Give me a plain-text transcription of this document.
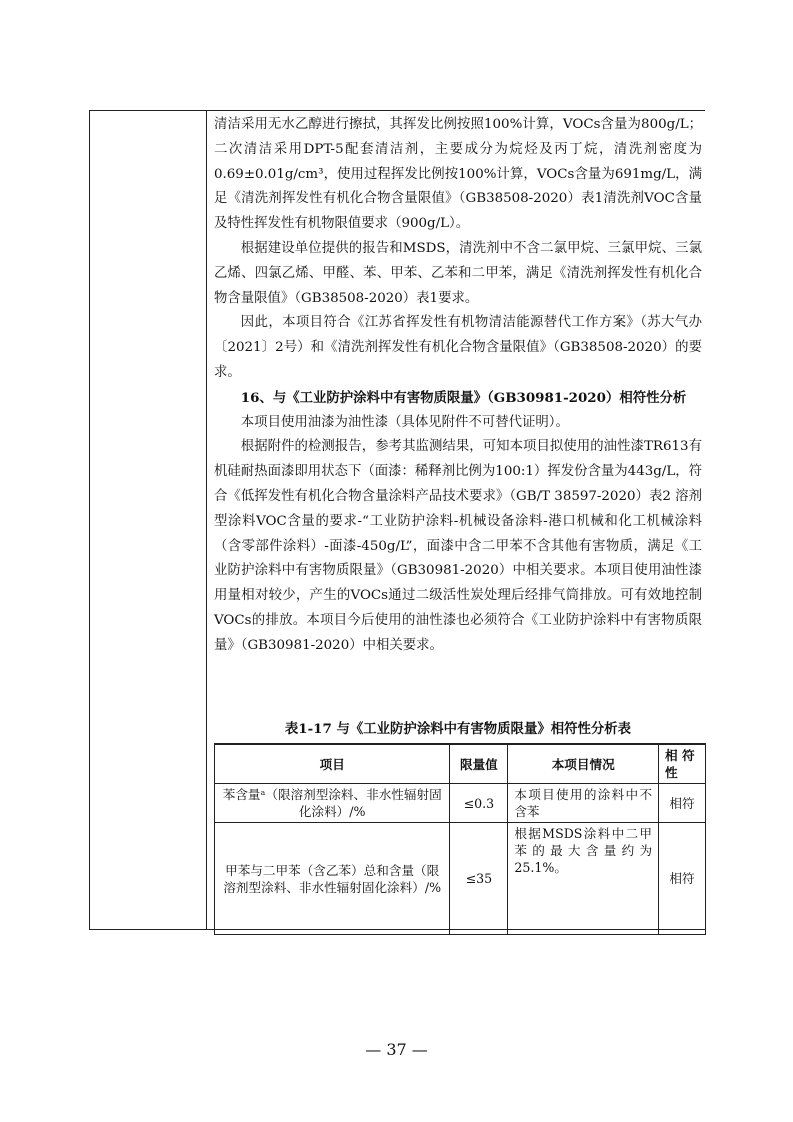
清洁采用无水乙醇进行擦拭，其挥发比例按照100%计算，VOCs含量为800g/L；二次清洁采用DPT-5配套清洁剂，主要成分为烷烃及丙丁烷，清洗剂密度为0.69±0.01g/cm³，使用过程挥发比例按100%计算，VOCs含量为691mg/L，满足《清洗剂挥发性有机化合物含量限值》（GB38508-2020）表1清洗剂VOC含量及特性挥发性有机物限值要求（900g/L）。

根据建设单位提供的报告和MSDS，清洗剂中不含二氯甲烷、三氯甲烷、三氯乙烯、四氯乙烯、甲醛、苯、甲苯、乙苯和二甲苯，满足《清洗剂挥发性有机化合物含量限值》（GB38508-2020）表1要求。

因此，本项目符合《江苏省挥发性有机物清洁能源替代工作方案》（苏大气办〔2021〕2号）和《清洗剂挥发性有机化合物含量限值》（GB38508-2020）的要求。

16、与《工业防护涂料中有害物质限量》（GB30981-2020）相符性分析

本项目使用油漆为油性漆（具体见附件不可替代证明）。

根据附件的检测报告，参考其监测结果，可知本项目拟使用的油性漆TR613有机硅耐热面漆即用状态下（面漆：稀释剂比例为100:1）挥发份含量为443g/L，符合《低挥发性有机化合物含量涂料产品技术要求》（GB/T 38597-2020）表2 溶剂型涂料VOC含量的要求-“工业防护涂料-机械设备涂料-港口机械和化工机械涂料（含零部件涂料）-面漆-450g/L”，面漆中含二甲苯不含其他有害物质，满足《工业防护涂料中有害物质限量》（GB30981-2020）中相关要求。本项目使用油性漆用量相对较少，产生的VOCs通过二级活性炭处理后经排气筒排放。可有效地控制VOCs的排放。本项目今后使用的油性漆也必须符合《工业防护涂料中有害物质限量》（GB30981-2020）中相关要求。

表1-17 与《工业防护涂料中有害物质限量》相符性分析表
项目	限量值	本项目情况	相 符性
苯含量ᵃ（限溶剂型涂料、非水性辐射固化涂料）/%	≤0.3	本项目使用的涂料中不含苯	相符
甲苯与二甲苯（含乙苯）总和含量（限溶剂型涂料、非水性辐射固化涂料）/%	≤35	根据MSDS涂料中二甲苯的最大含量约为25.1%。	相符
— 37 —
